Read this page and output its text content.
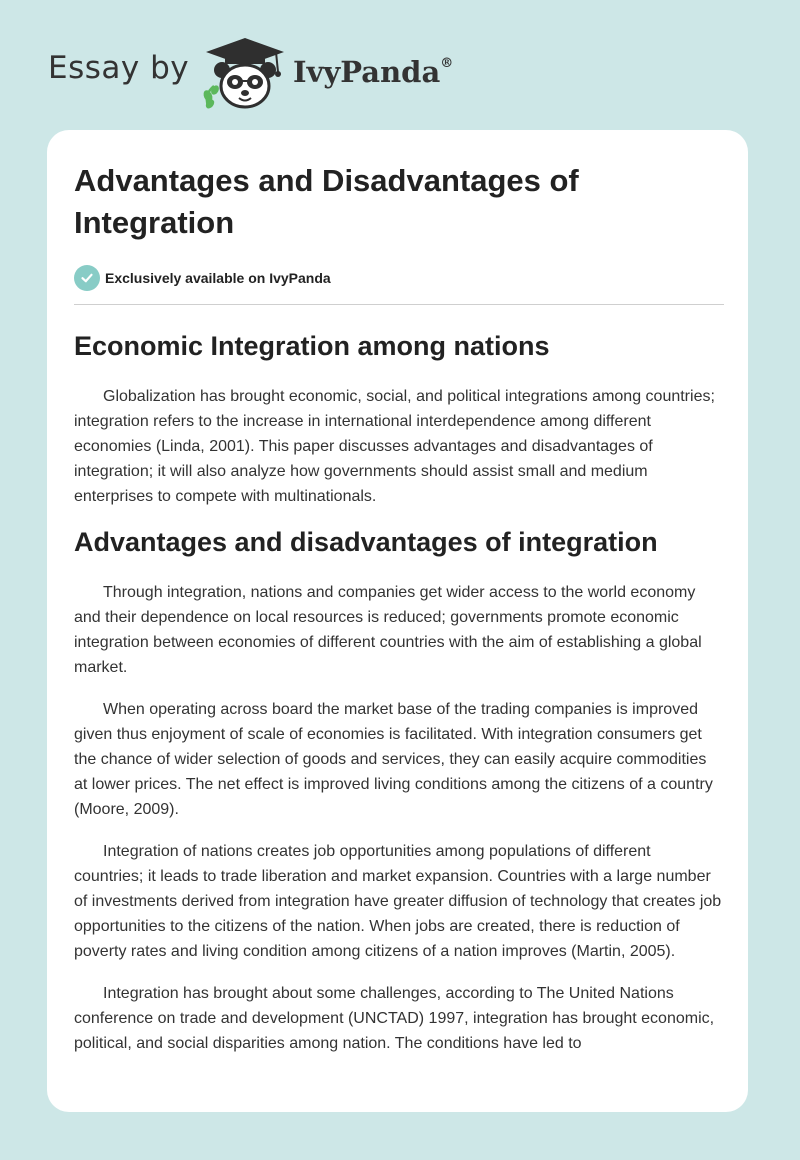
Essay by	IvyPanda®
Advantages and Disadvantages of Integration
Exclusively available on IvyPanda
Economic Integration among nations

Globalization has brought economic, social, and political integrations among countries; integration refers to the increase in international interdependence among different economies (Linda, 2001). This paper discusses advantages and disadvantages of integration; it will also analyze how governments should assist small and medium enterprises to compete with multinationals.

Advantages and disadvantages of integration

Through integration, nations and companies get wider access to the world economy and their dependence on local resources is reduced; governments promote economic integration between economies of different countries with the aim of establishing a global market.

When operating across board the market base of the trading companies is improved given thus enjoyment of scale of economies is facilitated. With integration consumers get the chance of wider selection of goods and services, they can easily acquire commodities at lower prices. The net effect is improved living conditions among the citizens of a country (Moore, 2009).

Integration of nations creates job opportunities among populations of different countries; it leads to trade liberation and market expansion. Countries with a large number of investments derived from integration have greater diffusion of technology that creates job opportunities to the citizens of the nation. When jobs are created, there is reduction of poverty rates and living condition among citizens of a nation improves (Martin, 2005).

Integration has brought about some challenges, according to The United Nations conference on trade and development (UNCTAD) 1997, integration has brought economic, political, and social disparities among nation. The conditions have led to
